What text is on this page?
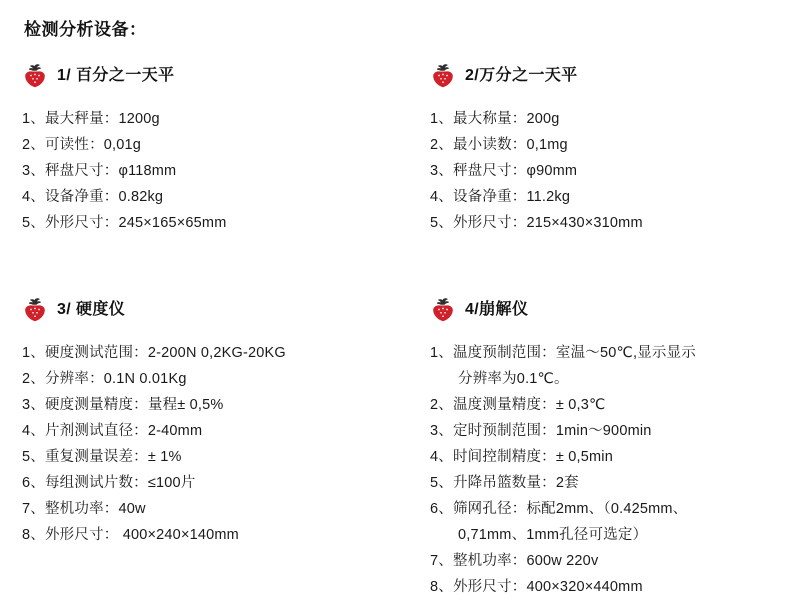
检测分析设备：
1/ 百分之一天平
1、最大秤量：1200g
2、可读性：0,01g
3、秤盘尺寸：φ118mm
4、设备净重：0.82kg
5、外形尺寸：245×165×65mm
2/万分之一天平
1、最大称量：200g
2、最小读数：0,1mg
3、秤盘尺寸：φ90mm
4、设备净重：11.2kg
5、外形尺寸：215×430×310mm
3/ 硬度仪
1、硬度测试范围：2-200N 0,2KG-20KG
2、分辨率：0.1N 0.01Kg
3、硬度测量精度：量程± 0,5%
4、片剂测试直径：2-40mm
5、重复测量误差：± 1%
6、每组测试片数：≤100片
7、整机功率：40w
8、外形尺寸： 400×240×140mm
4/崩解仪
1、温度预制范围：室温～50℃,显示显示
分辨率为0.1℃。
2、温度测量精度：± 0,3℃
3、定时预制范围：1min～900min
4、时间控制精度：± 0,5min
5、升降吊篮数量：2套
6、筛网孔径：标配2mm、（0.425mm、
0,71mm、1mm孔径可选定）
7、整机功率：600w 220v
8、外形尺寸：400×320×440mm
